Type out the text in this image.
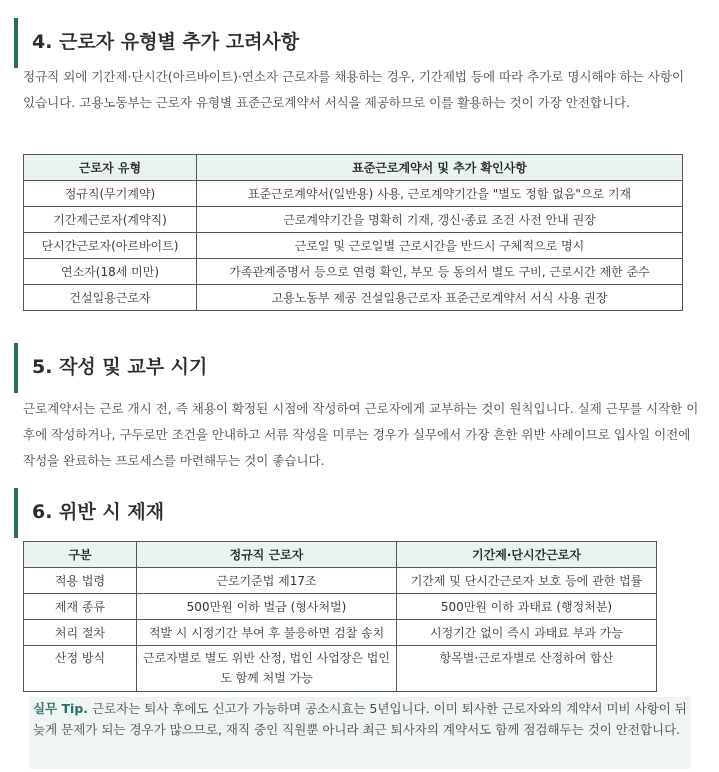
4. 근로자 유형별 추가 고려사항

정규직 외에 기간제·단시간(아르바이트)·연소자 근로자를 채용하는 경우, 기간제법 등에 따라 추가로 명시해야 하는 사항이 있습니다. 고용노동부는 근로자 유형별 표준근로계약서 서식을 제공하므로 이를 활용하는 것이 가장 안전합니다.

근로자 유형	표준근로계약서 및 추가 확인사항
정규직(무기계약)	표준근로계약서(일반용) 사용, 근로계약기간을 "별도 정함 없음"으로 기재
기간제근로자(계약직)	근로계약기간을 명확히 기재, 갱신·종료 조건 사전 안내 권장
단시간근로자(아르바이트)	근로일 및 근로일별 근로시간을 반드시 구체적으로 명시
연소자(18세 미만)	가족관계증명서 등으로 연령 확인, 부모 등 동의서 별도 구비, 근로시간 제한 준수
건설일용근로자	고용노동부 제공 건설일용근로자 표준근로계약서 서식 사용 권장
5. 작성 및 교부 시기

근로계약서는 근로 개시 전, 즉 채용이 확정된 시점에 작성하여 근로자에게 교부하는 것이 원칙입니다. 실제 근무를 시작한 이후에 작성하거나, 구두로만 조건을 안내하고 서류 작성을 미루는 경우가 실무에서 가장 흔한 위반 사례이므로 입사일 이전에 작성을 완료하는 프로세스를 마련해두는 것이 좋습니다.

6. 위반 시 제재
구분	정규직 근로자	기간제·단시간근로자
적용 법령	근로기준법 제17조	기간제 및 단시간근로자 보호 등에 관한 법률
제재 종류	500만원 이하 벌금 (형사처벌)	500만원 이하 과태료 (행정처분)
처리 절차	적발 시 시정기간 부여 후 불응하면 검찰 송치	시정기간 없이 즉시 과태료 부과 가능
산정 방식	근로자별로 별도 위반 산정, 법인 사업장은 법인도 함께 처벌 가능	항목별·근로자별로 산정하여 합산
실무 Tip. 근로자는 퇴사 후에도 신고가 가능하며 공소시효는 5년입니다. 이미 퇴사한 근로자와의 계약서 미비 사항이 뒤늦게 문제가 되는 경우가 많으므로, 재직 중인 직원뿐 아니라 최근 퇴사자의 계약서도 함께 점검해두는 것이 안전합니다.
